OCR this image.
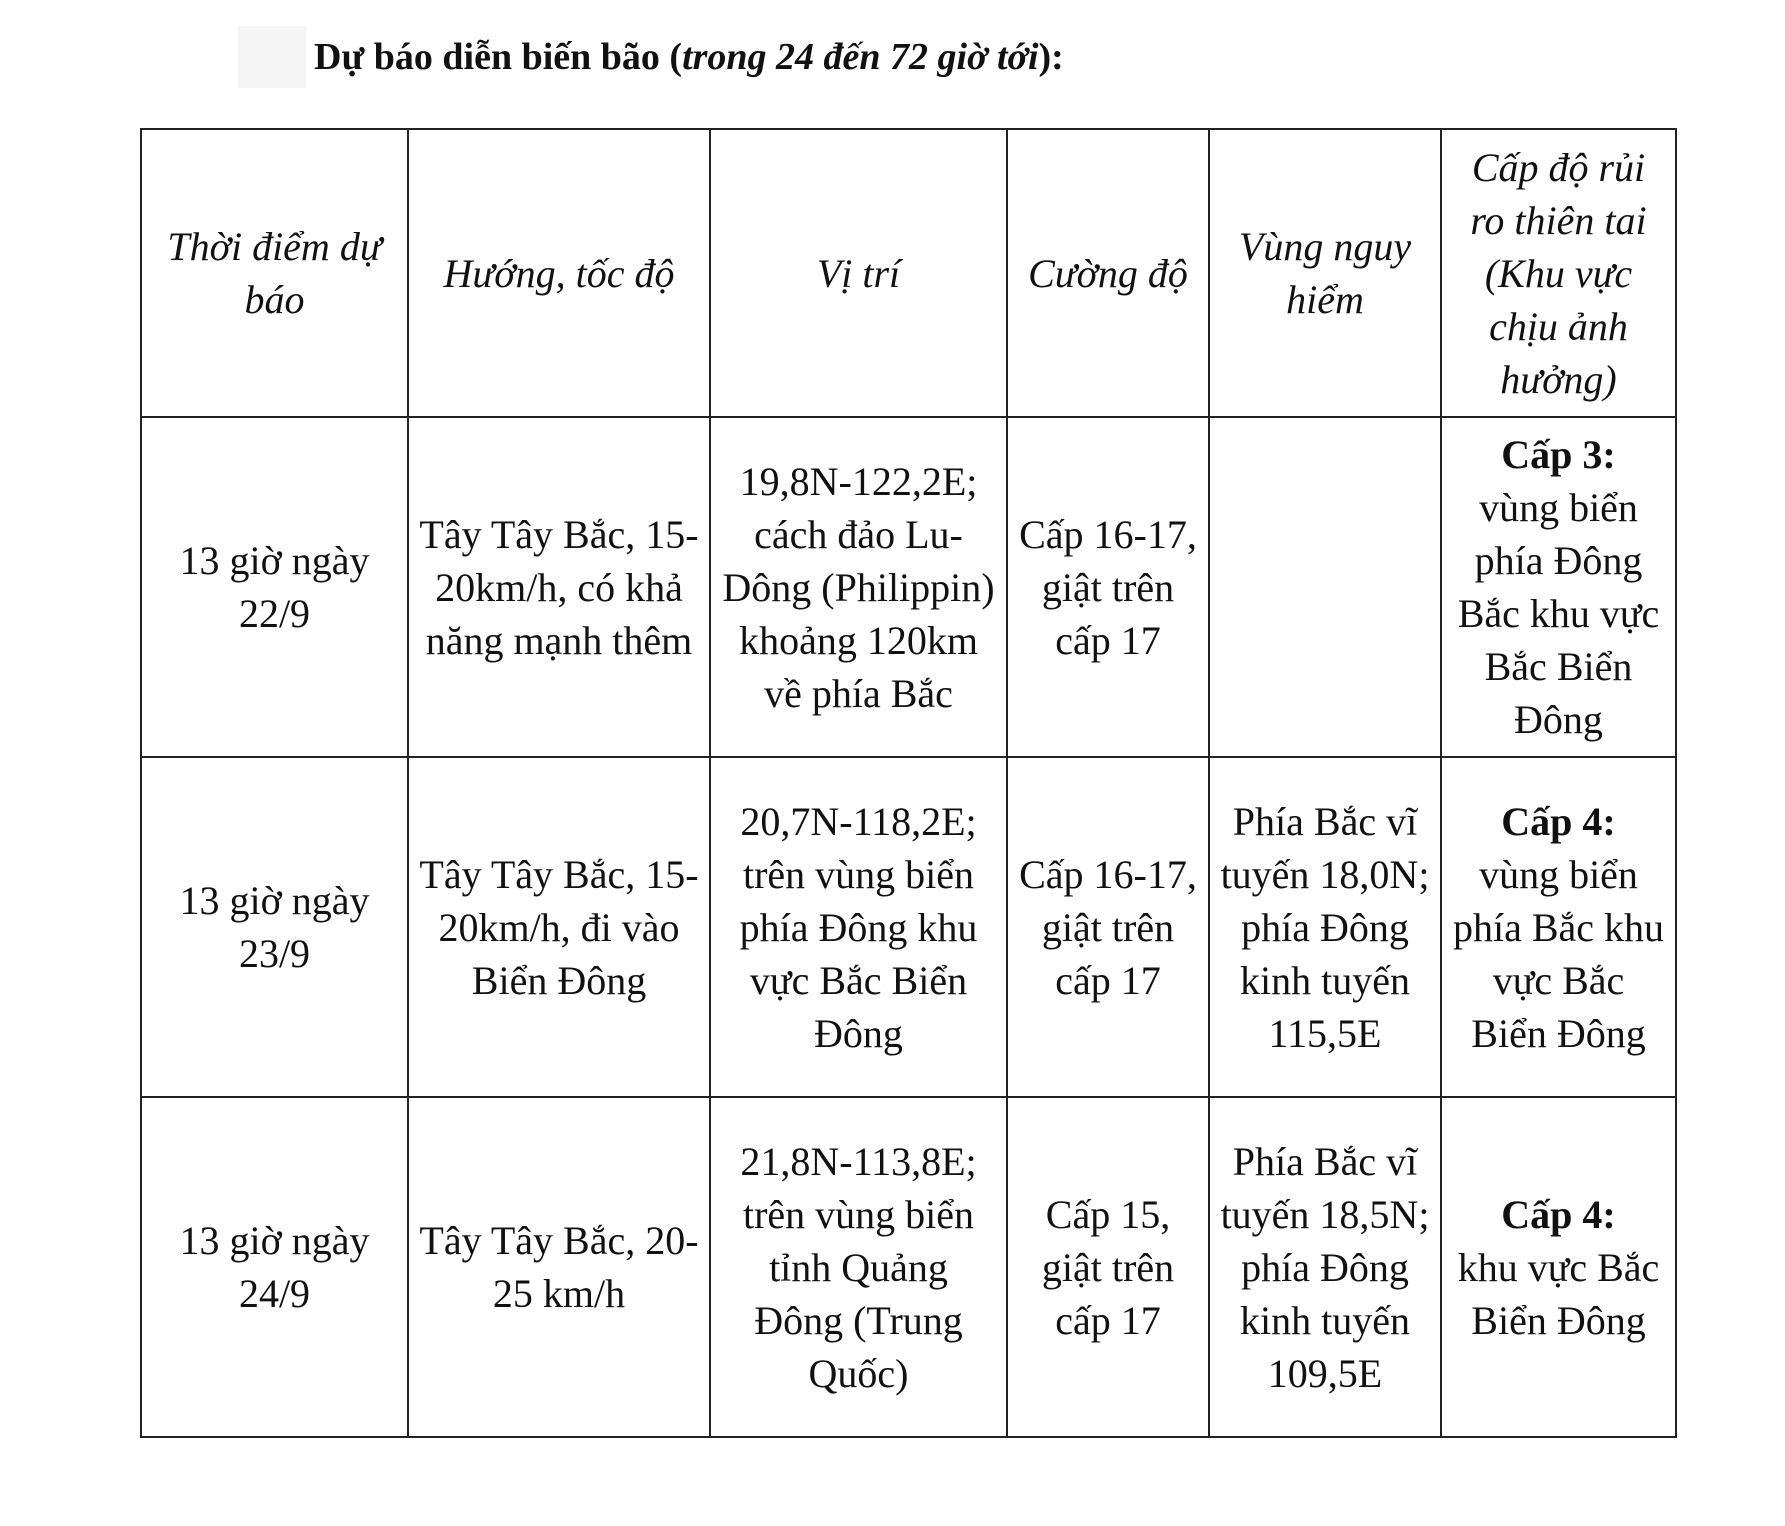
Dự báo diễn biến bão (trong 24 đến 72 giờ tới):
Thời điểm dự báo	Hướng, tốc độ	Vị trí	Cường độ	Vùng nguy hiểm	Cấp độ rủi ro thiên tai (Khu vực chịu ảnh hưởng)
13 giờ ngày 22/9	Tây Tây Bắc, 15-20km/h, có khả năng mạnh thêm	19,8N-122,2E; cách đảo Lu-Dông (Philippin) khoảng 120km về phía Bắc	Cấp 16-17, giật trên cấp 17		Cấp 3:
vùng biển phía Đông Bắc khu vực Bắc Biển Đông

13 giờ ngày 23/9	Tây Tây Bắc, 15-20km/h, đi vào Biển Đông	20,7N-118,2E; trên vùng biển phía Đông khu vực Bắc Biển Đông	Cấp 16-17, giật trên cấp 17	Phía Bắc vĩ tuyến 18,0N; phía Đông kinh tuyến 115,5E	Cấp 4:
vùng biển phía Bắc khu vực Bắc Biển Đông

13 giờ ngày 24/9	Tây Tây Bắc, 20-25 km/h	21,8N-113,8E; trên vùng biển tỉnh Quảng Đông (Trung Quốc)	Cấp 15, giật trên cấp 17	Phía Bắc vĩ tuyến 18,5N; phía Đông kinh tuyến 109,5E	Cấp 4:
khu vực Bắc Biển Đông
